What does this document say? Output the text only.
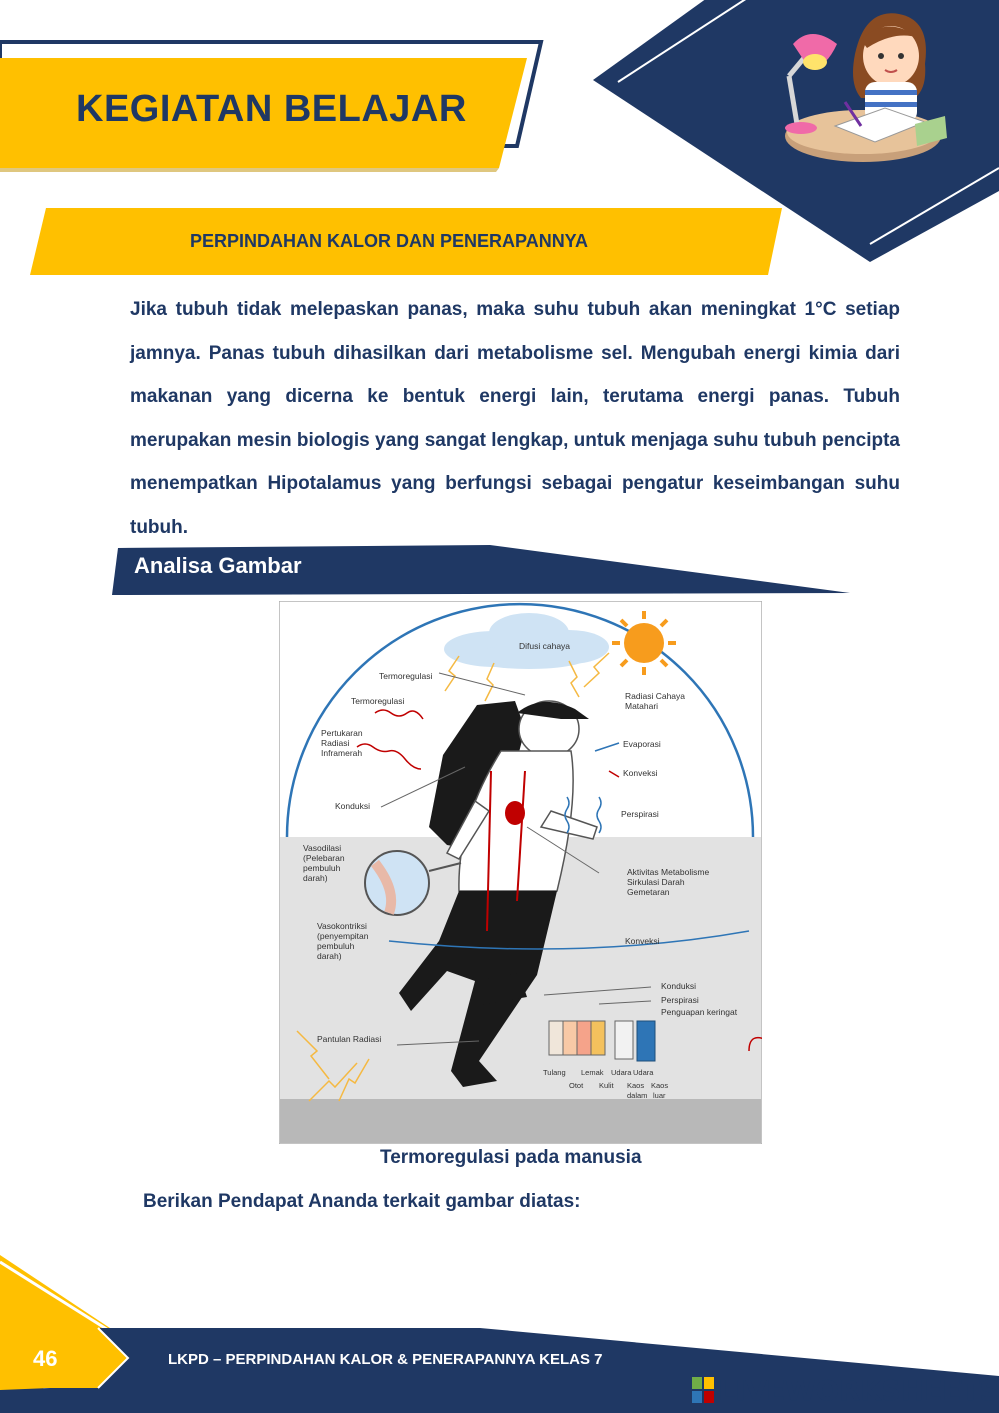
KEGIATAN BELAJAR
PERPINDAHAN KALOR DAN PENERAPANNYA
Jika tubuh tidak melepaskan panas, maka suhu tubuh akan meningkat 1°C setiap jamnya. Panas tubuh dihasilkan dari metabolisme sel. Mengubah energi kimia dari makanan yang dicerna ke bentuk energi lain, terutama energi panas. Tubuh merupakan mesin biologis yang sangat lengkap, untuk menjaga suhu tubuh pencipta menempatkan Hipotalamus yang berfungsi sebagai pengatur keseimbangan suhu tubuh.
Analisa Gambar
Difusi cahaya
Termoregulasi
Termoregulasi
Pertukaran
Radiasi
Inframerah
Radiasi Cahaya
Matahari
Evaporasi
Konveksi
Konduksi
Perspirasi
Vasodilasi
(Pelebaran
pembuluh
darah)
Aktivitas Metabolisme
Sirkulasi Darah
Gemetaran
Vasokontriksi
(penyempitan
pembuluh
darah)
Konveksi
Konduksi
Perspirasi
Penguapan keringat
Pantulan Radiasi
Tulang Lemak Udara Udara
Otot Kulit Kaos
dalam
Kaos
luar
Termoregulasi pada manusia
Berikan Pendapat Ananda terkait gambar diatas:
46	LKPD – PERPINDAHAN KALOR & PENERAPANNYA KELAS 7
LIVEWORKSHEETS
